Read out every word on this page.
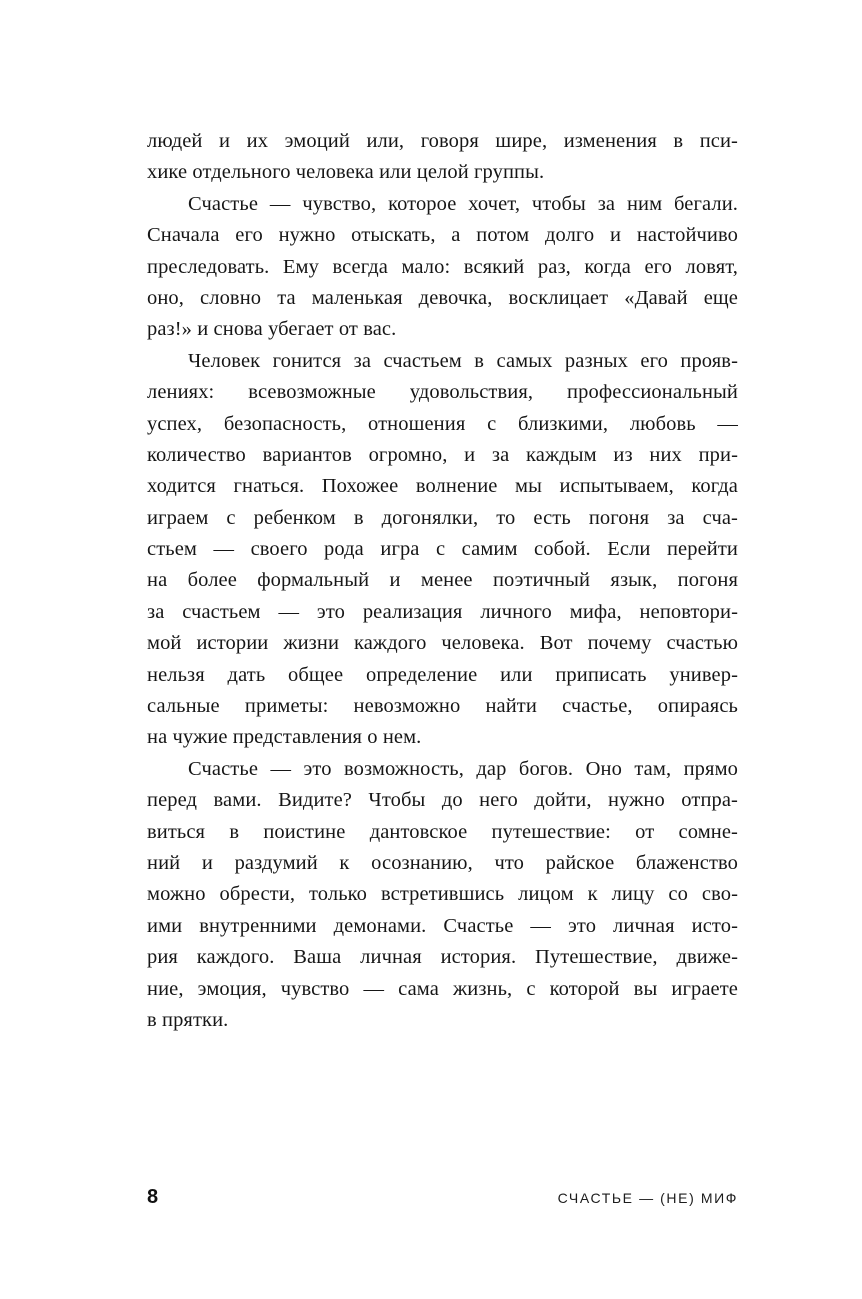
людей и их эмоций или, говоря шире, изменения в пси-
хике отдельного человека или целой группы.
Счастье — чувство, которое хочет, чтобы за ним бегали.
Сначала его нужно отыскать, а потом долго и настойчиво
преследовать. Ему всегда мало: всякий раз, когда его ловят,
оно, словно та маленькая девочка, восклицает «Давай еще
раз!» и снова убегает от вас.
Человек гонится за счастьем в самых разных его прояв-
лениях: всевозможные удовольствия, профессиональный
успех, безопасность, отношения с близкими, любовь —
количество вариантов огромно, и за каждым из них при-
ходится гнаться. Похожее волнение мы испытываем, когда
играем с ребенком в догонялки, то есть погоня за сча-
стьем — своего рода игра с самим собой. Если перейти
на более формальный и менее поэтичный язык, погоня
за счастьем — это реализация личного мифа, неповтори-
мой истории жизни каждого человека. Вот почему счастью
нельзя дать общее определение или приписать универ-
сальные приметы: невозможно найти счастье, опираясь
на чужие представления о нем.
Счастье — это возможность, дар богов. Оно там, прямо
перед вами. Видите? Чтобы до него дойти, нужно отпра-
виться в поистине дантовское путешествие: от сомне-
ний и раздумий к осознанию, что райское блаженство
можно обрести, только встретившись лицом к лицу со сво-
ими внутренними демонами. Счастье — это личная исто-
рия каждого. Ваша личная история. Путешествие, движе-
ние, эмоция, чувство — сама жизнь, с которой вы играете
в прятки.
8	СЧАСТЬЕ — (НЕ) МИФ
